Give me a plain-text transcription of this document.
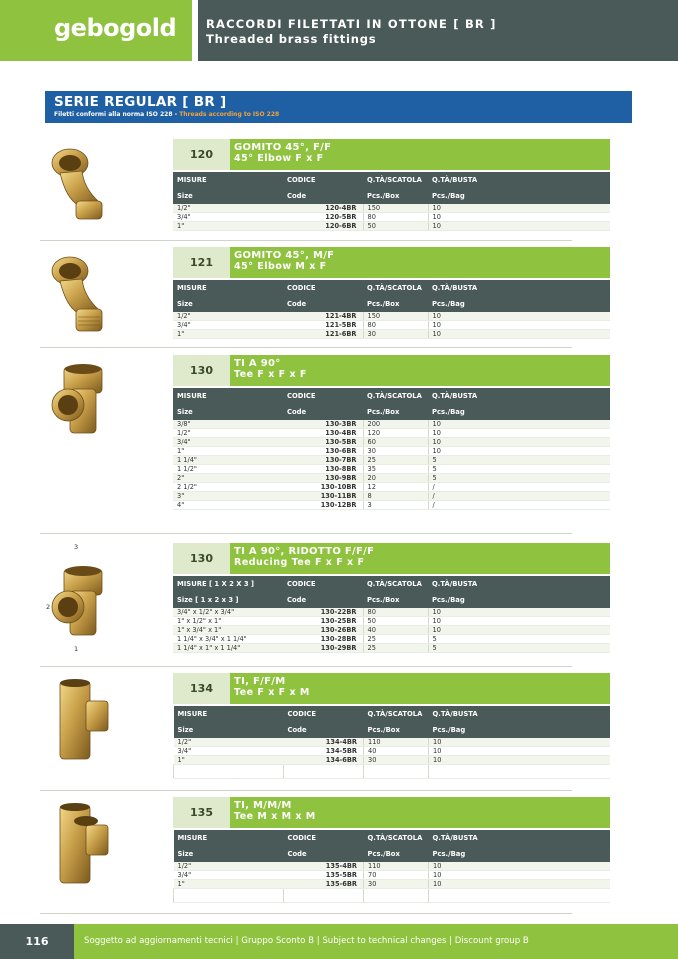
gebogold	RACCORDI FILETTATI IN OTTONE [ BR ]
Threaded brass fittings
SERIE REGULAR [ BR ]
Filetti conformi alla norma ISO 228 - Threads according to ISO 228
120
GOMITO 45°, F/F
45° Elbow F x F
MISURE	CODICE	Q.TÀ/SCATOLA	Q.TÀ/BUSTA
Size	Code	Pcs./Box	Pcs./Bag
1/2"	120-4BR	150	10
3/4"	120-5BR	80	10
1"	120-6BR	50	10
121
GOMITO 45°, M/F
45° Elbow M x F
MISURE	CODICE	Q.TÀ/SCATOLA	Q.TÀ/BUSTA
Size	Code	Pcs./Box	Pcs./Bag
1/2"	121-4BR	150	10
3/4"	121-5BR	80	10
1"	121-6BR	30	10
130
TI A 90°
Tee F x F x F
MISURE	CODICE	Q.TÀ/SCATOLA	Q.TÀ/BUSTA
Size	Code	Pcs./Box	Pcs./Bag
3/8"	130-3BR	200	10
1/2"	130-4BR	120	10
3/4"	130-5BR	60	10
1"	130-6BR	30	10
1 1/4"	130-7BR	25	5
1 1/2"	130-8BR	35	5
2"	130-9BR	20	5
2 1/2"	130-10BR	12	/
3"	130-11BR	8	/
4"	130-12BR	3	/
130
TI A 90°, RIDOTTO F/F/F
Reducing Tee F x F x F
MISURE [ 1 X 2 X 3 ]	CODICE	Q.TÀ/SCATOLA	Q.TÀ/BUSTA
Size [ 1 x 2 x 3 ]	Code	Pcs./Box	Pcs./Bag
3/4" x 1/2" x 3/4"	130-22BR	80	10
1" x 1/2" x 1"	130-25BR	50	10
1" x 3/4" x 1"	130-26BR	40	10
1 1/4" x 3/4" x 1 1/4"	130-28BR	25	5
1 1/4" x 1" x 1 1/4"	130-29BR	25	5
3
2
1
134
TI, F/F/M
Tee F x F x M
MISURE	CODICE	Q.TÀ/SCATOLA	Q.TÀ/BUSTA
Size	Code	Pcs./Box	Pcs./Bag
1/2"	134-4BR	110	10
3/4"	134-5BR	40	10
1"	134-6BR	30	10

135
TI, M/M/M
Tee M x M x M
MISURE	CODICE	Q.TÀ/SCATOLA	Q.TÀ/BUSTA
Size	Code	Pcs./Box	Pcs./Bag
1/2"	135-4BR	110	10
3/4"	135-5BR	70	10
1"	135-6BR	30	10

116	Soggetto ad aggiornamenti tecnici | Gruppo Sconto B | Subject to technical changes | Discount group B
